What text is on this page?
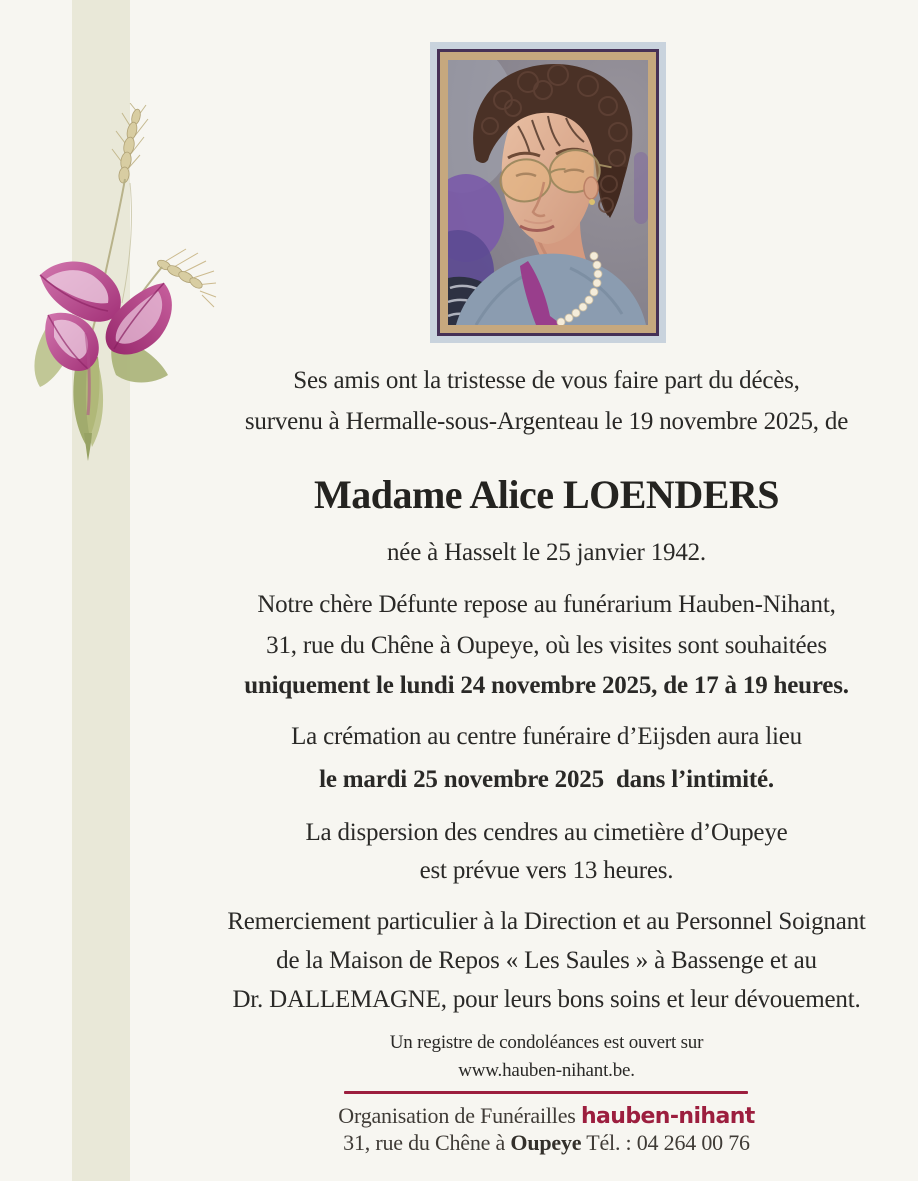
Ses amis ont la tristesse de vous faire part du décès,

survenu à Hermalle-sous-Argenteau le 19 novembre 2025, de

Madame Alice LOENDERS

née à Hasselt le 25 janvier 1942.

Notre chère Défunte repose au funérarium Hauben-Nihant,

31, rue du Chêne à Oupeye, où les visites sont souhaitées

uniquement le lundi 24 novembre 2025, de 17 à 19 heures.

La crémation au centre funéraire d’Eijsden aura lieu

le mardi 25 novembre 2025  dans l’intimité.

La dispersion des cendres au cimetière d’Oupeye

est prévue vers 13 heures.

Remerciement particulier à la Direction et au Personnel Soignant

de la Maison de Repos « Les Saules » à Bassenge et au

Dr. DALLEMAGNE, pour leurs bons soins et leur dévouement.

Un registre de condoléances est ouvert sur

www.hauben-nihant.be.

Organisation de Funérailles hauben-nihant

31, rue du Chêne à Oupeye Tél. : 04 264 00 76
